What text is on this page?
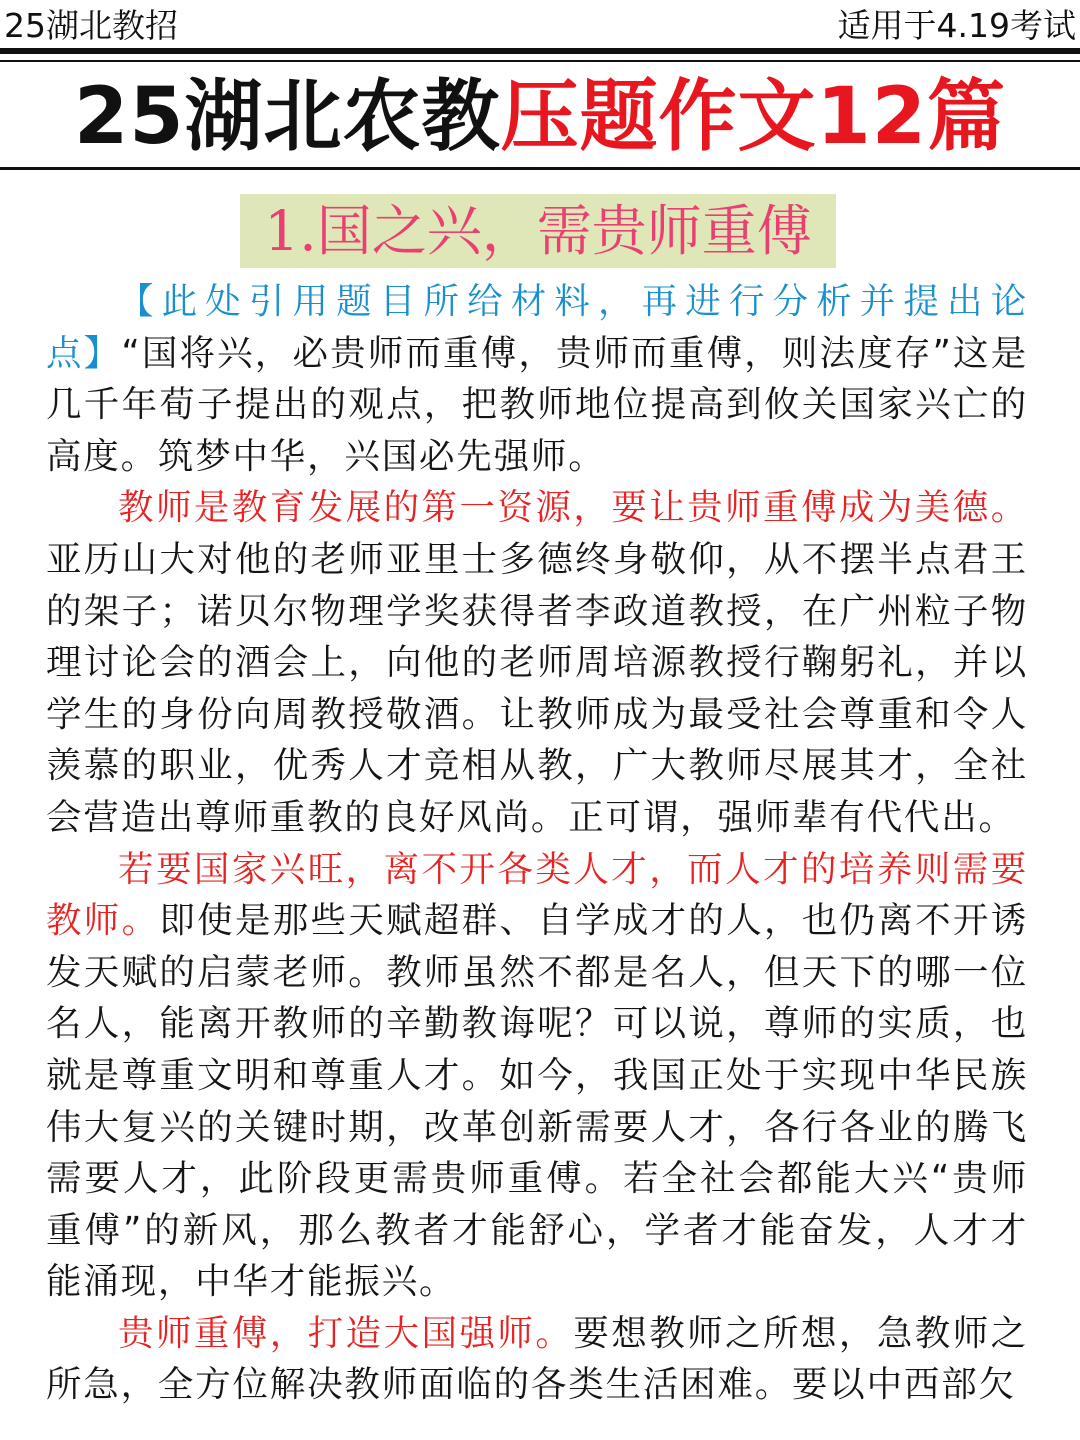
25湖北教招	适用于4.19考试
25湖北农教压题作文12篇
1.国之兴，需贵师重傅

【此处引用题目所给材料，再进行分析并提出论点】“国将兴，必贵师而重傅，贵师而重傅，则法度存”这是几千年荀子提出的观点，把教师地位提高到攸关国家兴亡的高度。筑梦中华，兴国必先强师。

教师是教育发展的第一资源，要让贵师重傅成为美德。亚历山大对他的老师亚里士多德终身敬仰，从不摆半点君王的架子；诺贝尔物理学奖获得者李政道教授，在广州粒子物理讨论会的酒会上，向他的老师周培源教授行鞠躬礼，并以学生的身份向周教授敬酒。让教师成为最受社会尊重和令人羡慕的职业，优秀人才竞相从教，广大教师尽展其才，全社会营造出尊师重教的良好风尚。正可谓，强师辈有代代出。

若要国家兴旺，离不开各类人才，而人才的培养则需要教师。即使是那些天赋超群、自学成才的人，也仍离不开诱发天赋的启蒙老师。教师虽然不都是名人，但天下的哪一位名人，能离开教师的辛勤教诲呢？可以说，尊师的实质，也就是尊重文明和尊重人才。如今，我国正处于实现中华民族伟大复兴的关键时期，改革创新需要人才，各行各业的腾飞需要人才，此阶段更需贵师重傅。若全社会都能大兴“贵师重傅”的新风，那么教者才能舒心，学者才能奋发，人才才能涌现，中华才能振兴。

贵师重傅，打造大国强师。要想教师之所想，急教师之所急，全方位解决教师面临的各类生活困难。要以中西部欠
